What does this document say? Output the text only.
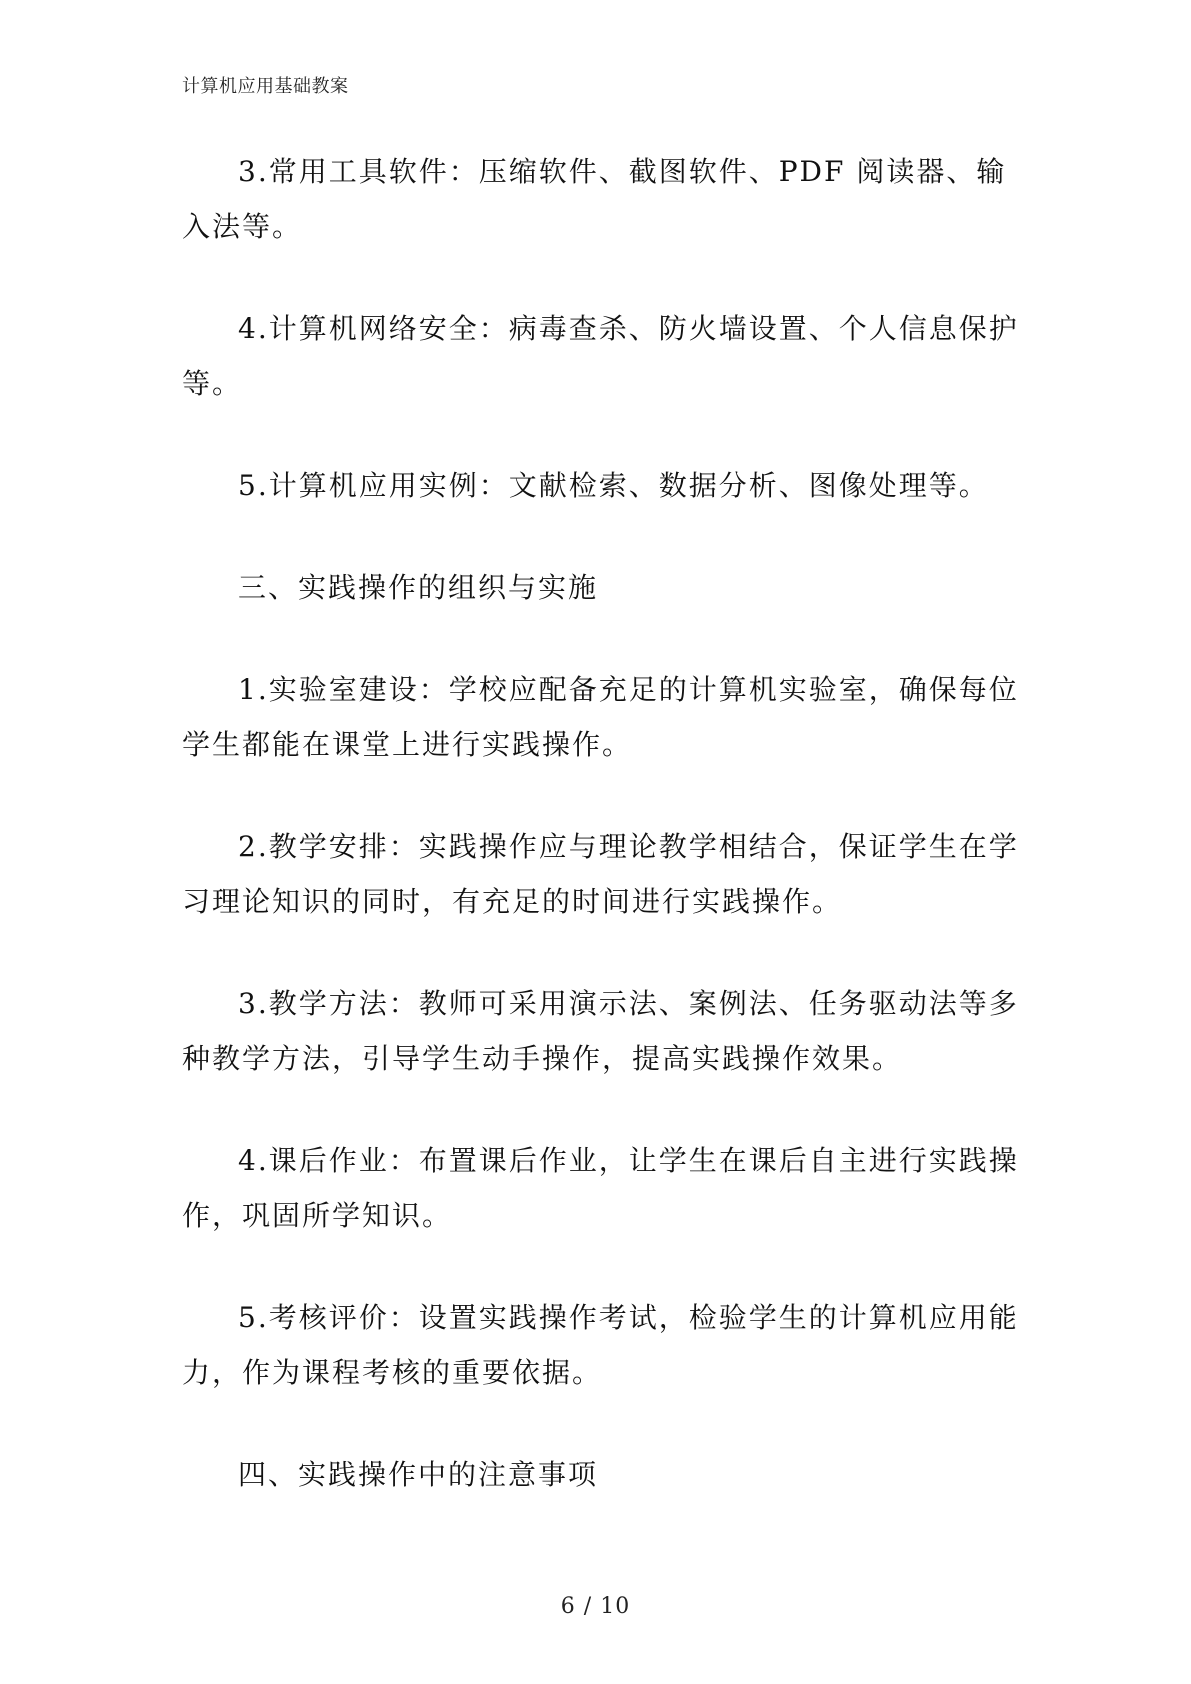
计算机应用基础教案

3.常用工具软件：压缩软件、截图软件、PDF 阅读器、输入法等。

4.计算机网络安全：病毒查杀、防火墙设置、个人信息保护等。

5.计算机应用实例：文献检索、数据分析、图像处理等。

三、实践操作的组织与实施

1.实验室建设：学校应配备充足的计算机实验室，确保每位学生都能在课堂上进行实践操作。

2.教学安排：实践操作应与理论教学相结合，保证学生在学习理论知识的同时，有充足的时间进行实践操作。

3.教学方法：教师可采用演示法、案例法、任务驱动法等多种教学方法，引导学生动手操作，提高实践操作效果。

4.课后作业：布置课后作业，让学生在课后自主进行实践操作，巩固所学知识。

5.考核评价：设置实践操作考试，检验学生的计算机应用能力，作为课程考核的重要依据。

四、实践操作中的注意事项

6 / 10
